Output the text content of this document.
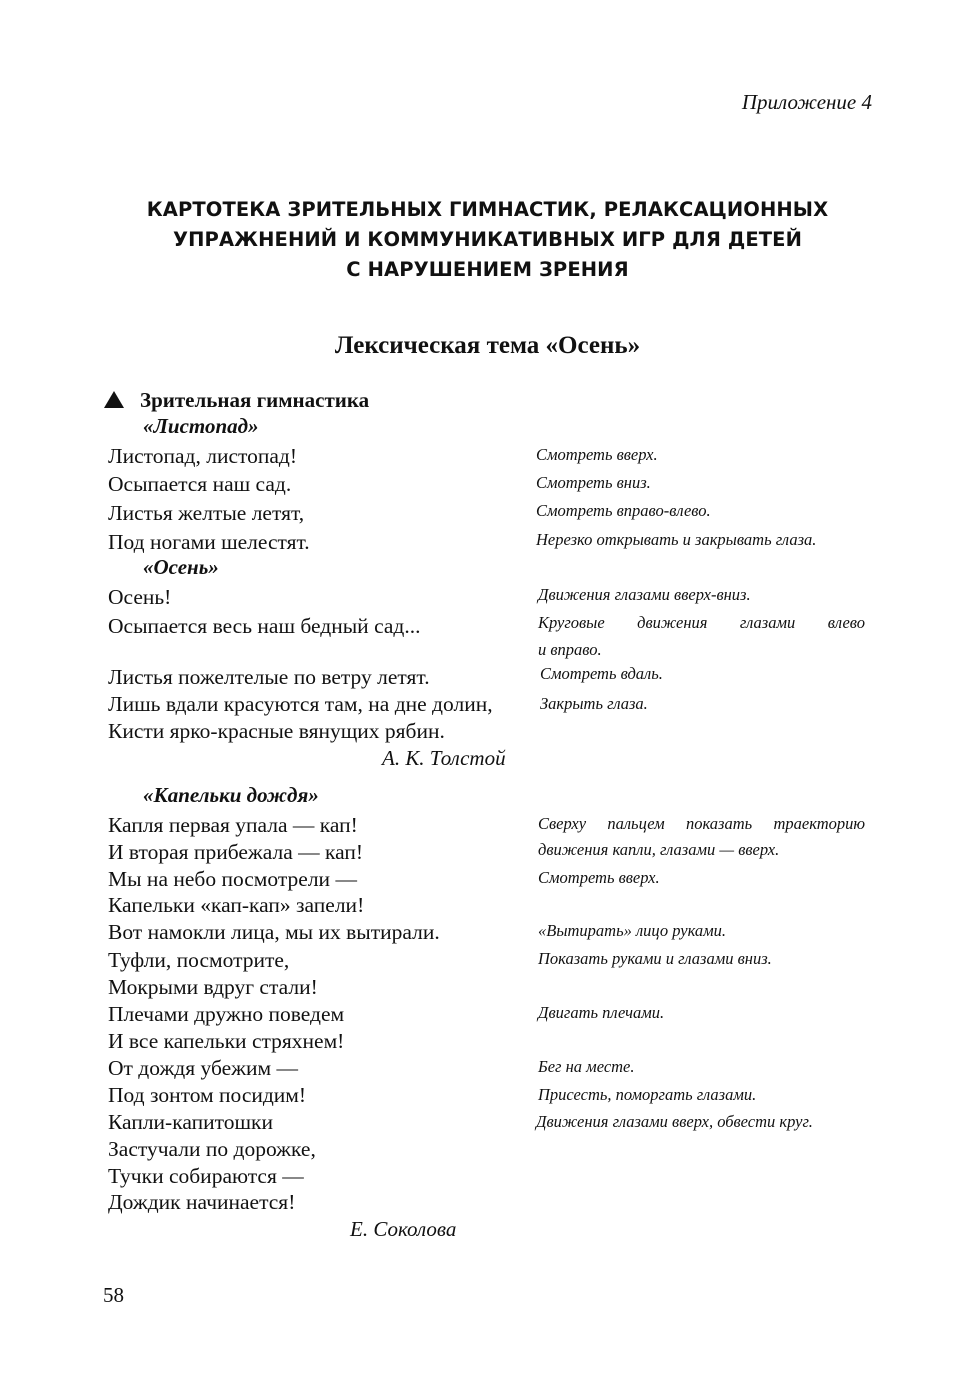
Приложение 4
КАРТОТЕКА ЗРИТЕЛЬНЫХ ГИМНАСТИК, РЕЛАКСАЦИОННЫХ
УПРАЖНЕНИЙ И КОММУНИКАТИВНЫХ ИГР ДЛЯ ДЕТЕЙ
С НАРУШЕНИЕМ ЗРЕНИЯ
Лексическая тема «Осень»
Зрительная гимнастика
«Листопад»
Листопад, листопад!
Осыпается наш сад.
Листья желтые летят,
Под ногами шелестят.
Смотреть вверх.
Смотреть вниз.
Смотреть вправо-влево.
Нерезко открывать и закрывать глаза.
«Осень»
Осень!
Осыпается весь наш бедный сад...
Листья пожелтелые по ветру летят.
Лишь вдали красуются там, на дне долин,
Кисти ярко-красные вянущих рябин.
Движения глазами вверх-вниз.
Круговые движения глазами влево
и вправо.
Смотреть вдаль.
Закрыть глаза.
А. К. Толстой
«Капельки дождя»
Капля первая упала — кап!
И вторая прибежала — кап!
Мы на небо посмотрели —
Капельки «кап-кап» запели!
Вот намокли лица, мы их вытирали.
Туфли, посмотрите,
Мокрыми вдруг стали!
Плечами дружно поведем
И все капельки стряхнем!
От дождя убежим —
Под зонтом посидим!
Капли-капитошки
Застучали по дорожке,
Тучки собираются —
Дождик начинается!
Сверху пальцем показать траекторию
движения капли, глазами — вверх.
Смотреть вверх.
«Вытирать» лицо руками.
Показать руками и глазами вниз.
Двигать плечами.
Бег на месте.
Присесть, поморгать глазами.
Движения глазами вверх, обвести круг.
Е. Соколова
58
